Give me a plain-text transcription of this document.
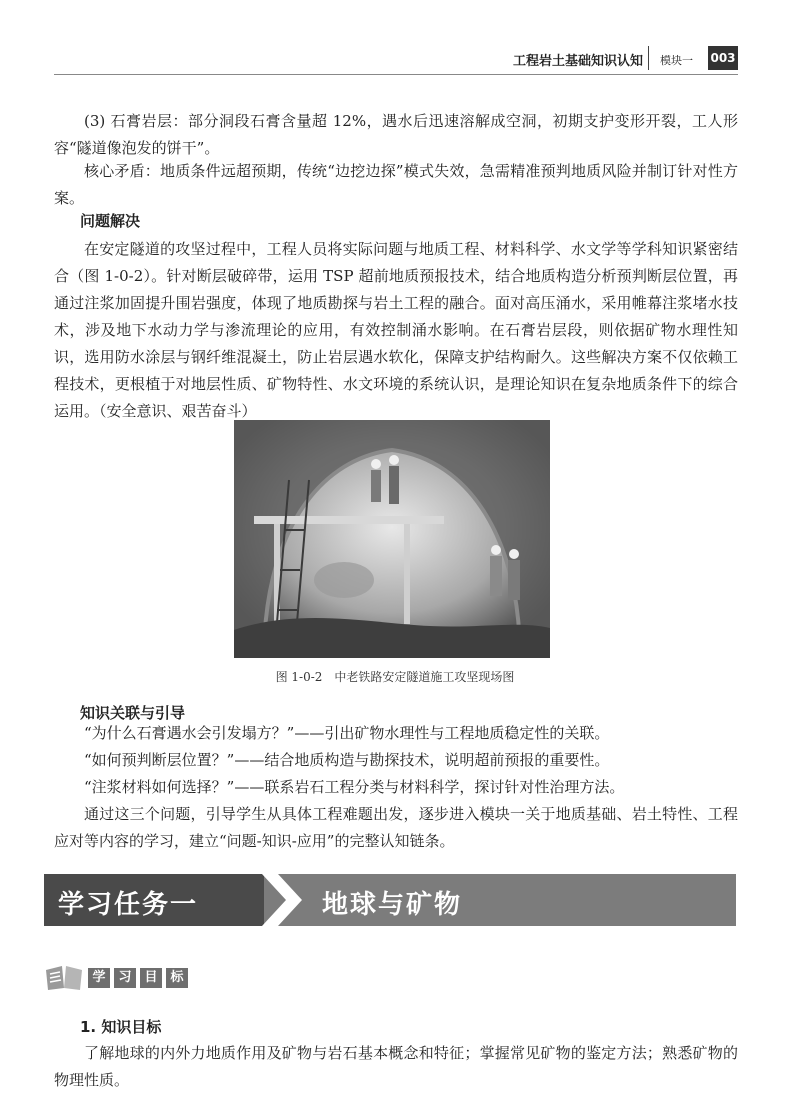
工程岩土基础知识认知 模块一 003

(3) 石膏岩层：部分洞段石膏含量超 12%，遇水后迅速溶解成空洞，初期支护变形开裂，工人形容“隧道像泡发的饼干”。

核心矛盾：地质条件远超预期，传统“边挖边探”模式失效，急需精准预判地质风险并制订针对性方案。

问题解决

在安定隧道的攻坚过程中，工程人员将实际问题与地质工程、材料科学、水文学等学科知识紧密结合（图 1-0-2）。针对断层破碎带，运用 TSP 超前地质预报技术，结合地质构造分析预判断层位置，再通过注浆加固提升围岩强度，体现了地质勘探与岩土工程的融合。面对高压涌水，采用帷幕注浆堵水技术，涉及地下水动力学与渗流理论的应用，有效控制涌水影响。在石膏岩层段，则依据矿物水理性知识，选用防水涂层与钢纤维混凝土，防止岩层遇水软化，保障支护结构耐久。这些解决方案不仅依赖工程技术，更根植于对地层性质、矿物特性、水文环境的系统认识，是理论知识在复杂地质条件下的综合运用。（安全意识、艰苦奋斗）

图 1-0-2　中老铁路安定隧道施工攻坚现场图
知识关联与引导

“为什么石膏遇水会引发塌方？”——引出矿物水理性与工程地质稳定性的关联。

“如何预判断层位置？”——结合地质构造与勘探技术，说明超前预报的重要性。

“注浆材料如何选择？”——联系岩石工程分类与材料科学，探讨针对性治理方法。

通过这三个问题，引导学生从具体工程难题出发，逐步进入模块一关于地质基础、岩土特性、工程应对等内容的学习，建立“问题-知识-应用”的完整认知链条。

学习任务一	地球与矿物
学 习 目 标
1. 知识目标

了解地球的内外力地质作用及矿物与岩石基本概念和特征；掌握常见矿物的鉴定方法；熟悉矿物的物理性质。
